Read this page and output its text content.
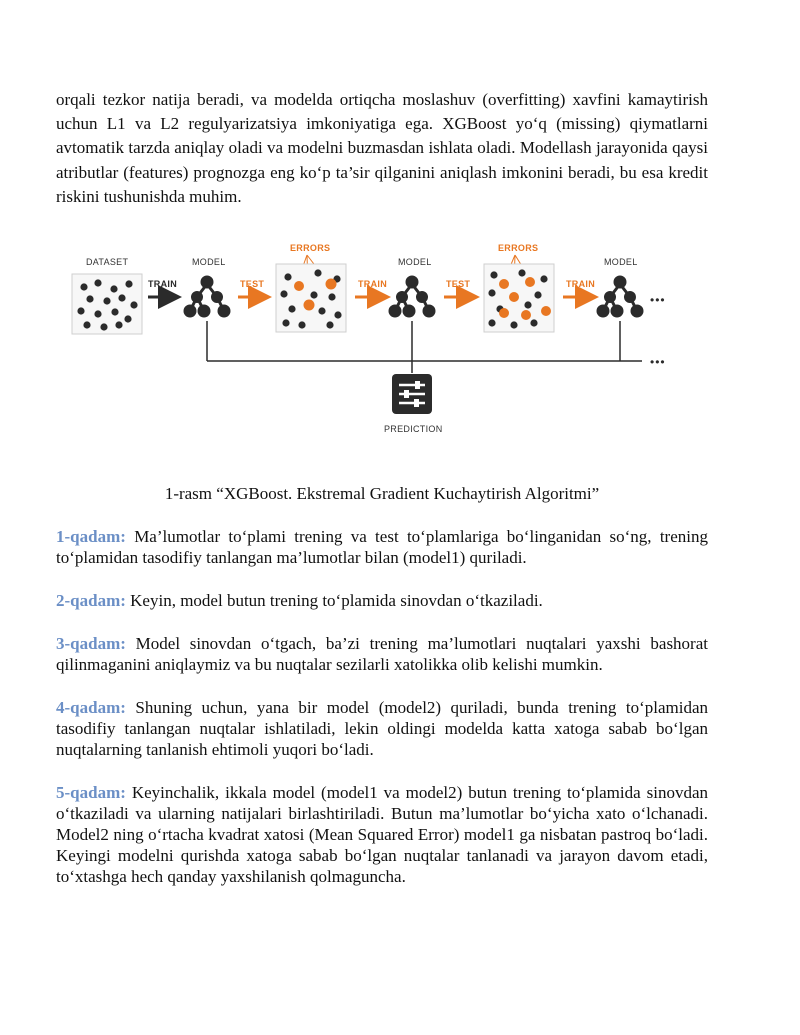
orqali tezkor natija beradi, va modelda ortiqcha moslashuv (overfitting) xavfini kamaytirish uchun L1 va L2 regulyarizatsiya imkoniyatiga ega. XGBoost yo‘q (missing) qiymatlarni avtomatik tarzda aniqlay oladi va modelni buzmasdan ishlata oladi. Modellash jarayonida qaysi atributlar (features) prognozga eng ko‘p ta’sir qilganini aniqlash imkonini beradi, bu esa kredit riskini tushunishda muhim.

DATASET
TRAIN
MODEL
TEST
ERRORS
TRAIN
MODEL
TEST
ERRORS
TRAIN
MODEL
•••
•••
PREDICTION

1-rasm “XGBoost. Ekstremal Gradient Kuchaytirish Algoritmi”

1-qadam: Ma’lumotlar to‘plami trening va test to‘plamlariga bo‘linganidan so‘ng, trening to‘plamidan tasodifiy tanlangan ma’lumotlar bilan (model1) quriladi.

2-qadam: Keyin, model butun trening to‘plamida sinovdan o‘tkaziladi.

3-qadam: Model sinovdan o‘tgach, ba’zi trening ma’lumotlari nuqtalari yaxshi bashorat qilinmaganini aniqlaymiz va bu nuqtalar sezilarli xatolikka olib kelishi mumkin.

4-qadam: Shuning uchun, yana bir model (model2) quriladi, bunda trening to‘plamidan tasodifiy tanlangan nuqtalar ishlatiladi, lekin oldingi modelda katta xatoga sabab bo‘lgan nuqtalarning tanlanish ehtimoli yuqori bo‘ladi.

5-qadam: Keyinchalik, ikkala model (model1 va model2) butun trening to‘plamida sinovdan o‘tkaziladi va ularning natijalari birlashtiriladi. Butun ma’lumotlar bo‘yicha xato o‘lchanadi. Model2 ning o‘rtacha kvadrat xatosi (Mean Squared Error) model1 ga nisbatan pastroq bo‘ladi. Keyingi modelni qurishda xatoga sabab bo‘lgan nuqtalar tanlanadi va jarayon davom etadi, to‘xtashga hech qanday yaxshilanish qolmaguncha.
